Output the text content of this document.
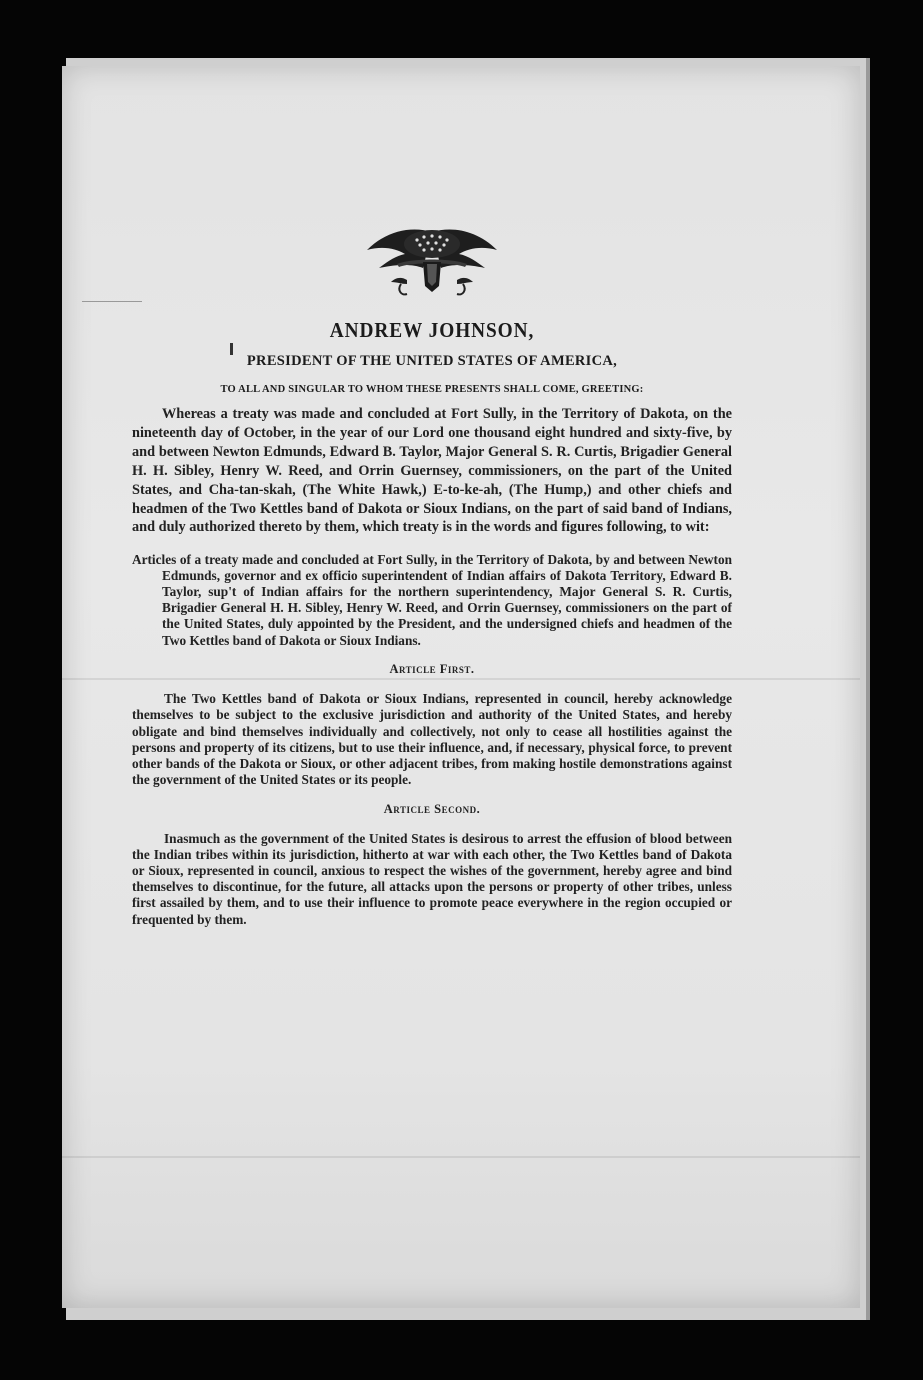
ANDREW JOHNSON,
PRESIDENT OF THE UNITED STATES OF AMERICA,
TO ALL AND SINGULAR TO WHOM THESE PRESENTS SHALL COME, GREETING:

Whereas a treaty was made and concluded at Fort Sully, in the Territory of Dakota, on the nineteenth day of October, in the year of our Lord one thousand eight hundred and sixty-five, by and between Newton Edmunds, Edward B. Taylor, Major General S. R. Curtis, Brigadier General H. H. Sibley, Henry W. Reed, and Orrin Guernsey, commissioners, on the part of the United States, and Cha-tan-skah, (The White Hawk,) E-to-ke-ah, (The Hump,) and other chiefs and headmen of the Two Kettles band of Dakota or Sioux Indians, on the part of said band of Indians, and duly authorized thereto by them, which treaty is in the words and figures following, to wit:

Articles of a treaty made and concluded at Fort Sully, in the Territory of Dakota, by and between Newton Edmunds, governor and ex officio superintendent of Indian affairs of Dakota Territory, Edward B. Taylor, sup't of Indian affairs for the northern superintendency, Major General S. R. Curtis, Brigadier General H. H. Sibley, Henry W. Reed, and Orrin Guernsey, commissioners on the part of the United States, duly appointed by the President, and the undersigned chiefs and headmen of the Two Kettles band of Dakota or Sioux Indians.

Article First.

The Two Kettles band of Dakota or Sioux Indians, represented in council, hereby acknowledge themselves to be subject to the exclusive jurisdiction and authority of the United States, and hereby obligate and bind themselves individually and collectively, not only to cease all hostilities against the persons and property of its citizens, but to use their influence, and, if necessary, physical force, to prevent other bands of the Dakota or Sioux, or other adjacent tribes, from making hostile demonstrations against the government of the United States or its people.

Article Second.

Inasmuch as the government of the United States is desirous to arrest the effusion of blood between the Indian tribes within its jurisdiction, hitherto at war with each other, the Two Kettles band of Dakota or Sioux, represented in council, anxious to respect the wishes of the government, hereby agree and bind themselves to discontinue, for the future, all attacks upon the persons or property of other tribes, unless first assailed by them, and to use their influence to promote peace everywhere in the region occupied or frequented by them.
